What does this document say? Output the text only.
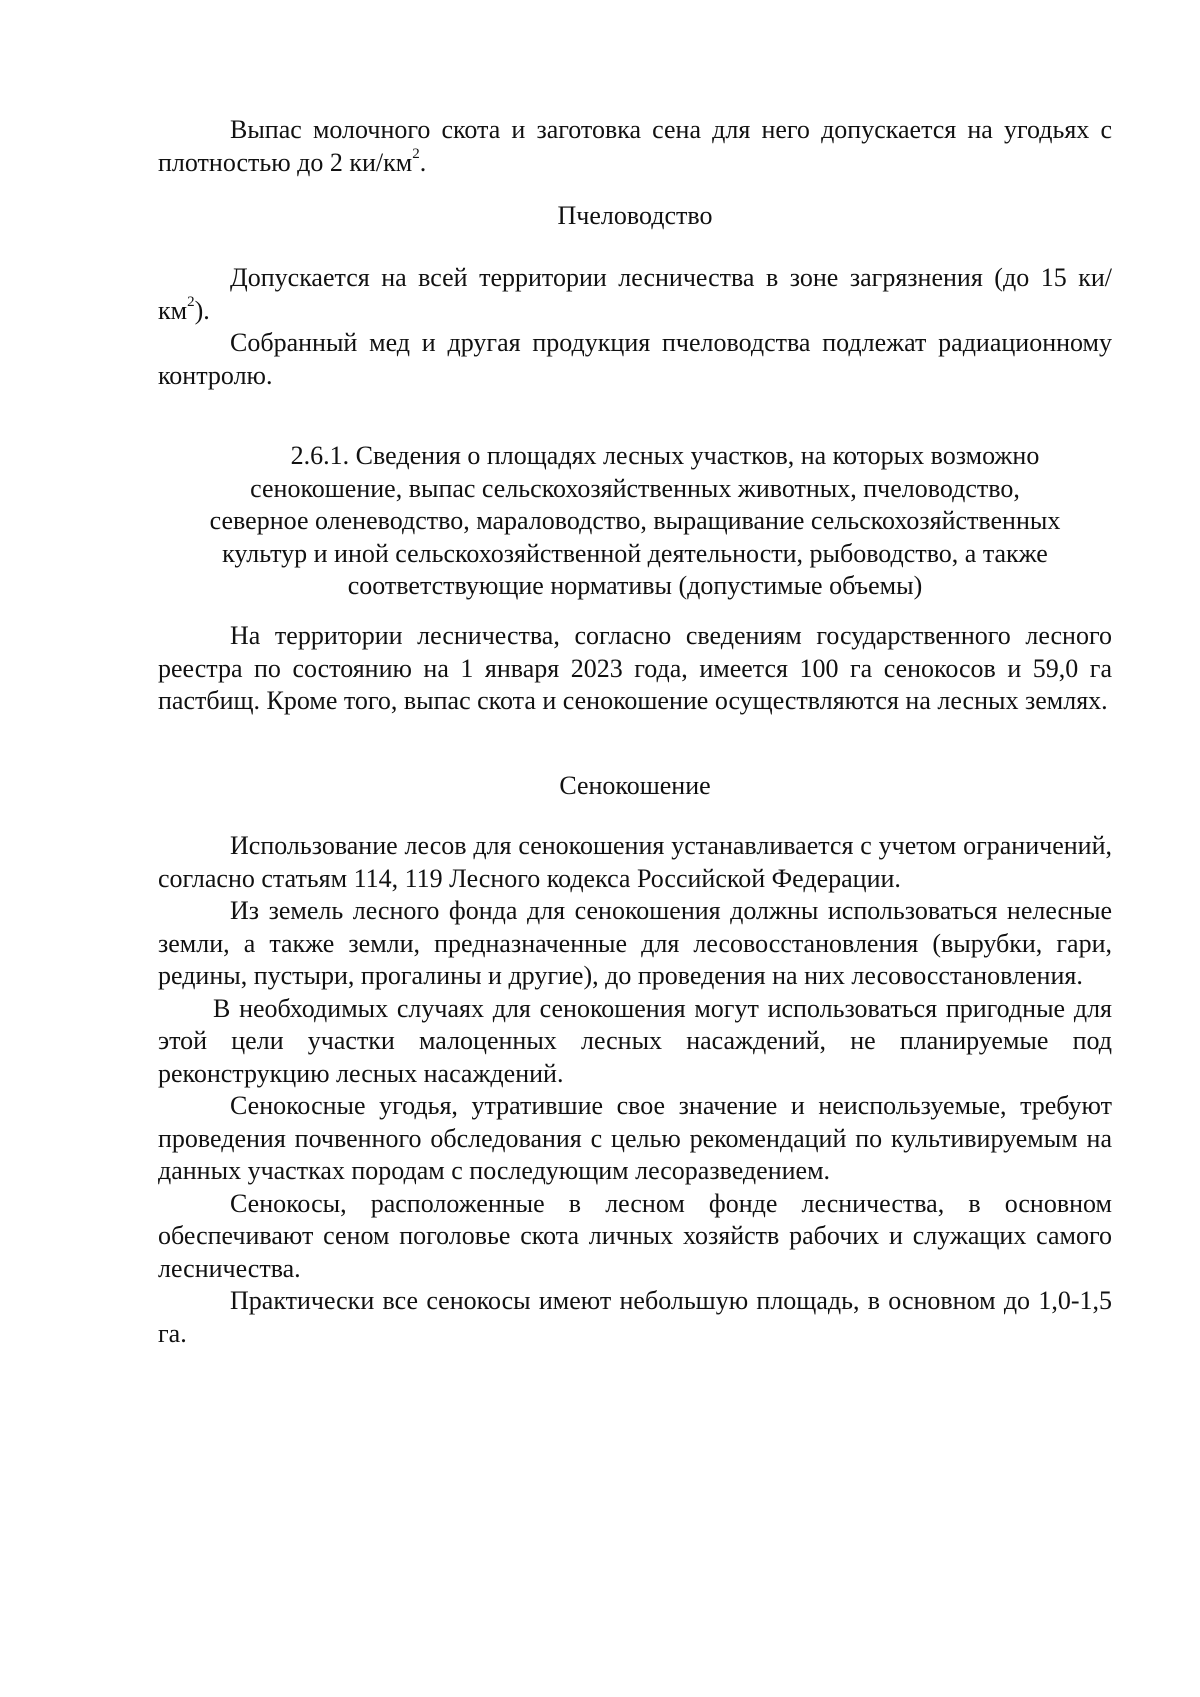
Выпас молочного скота и заготовка сена для него допускается на угодьях с плотностью до 2 $ки/км^2$.

Пчеловодство

Допускается на всей территории лесничества в зоне загрязнения (до 15 $ки/км^2$).

Собранный мед и другая продукция пчеловодства подлежат радиационному контролю.

2.6.1. Сведения о площадях лесных участков, на которых возможно

сенокошение, выпас сельскохозяйственных животных, пчеловодство,

северное оленеводство, мараловодство, выращивание сельскохозяйственных

культур и иной сельскохозяйственной деятельности, рыбоводство, а также

соответствующие нормативы (допустимые объемы)

На территории лесничества, согласно сведениям государственного лесного реестра по состоянию на 1 января 2023 года, имеется 100 га сенокосов и 59,0 га пастбищ. Кроме того, выпас скота и сенокошение осуществляются на лесных землях.

Сенокошение

Использование лесов для сенокошения устанавливается с учетом ограничений, согласно статьям 114, 119 Лесного кодекса Российской Федерации.

Из земель лесного фонда для сенокошения должны использоваться нелесные земли, а также земли, предназначенные для лесовосстановления (вырубки, гари, редины, пустыри, прогалины и другие), до проведения на них лесовосстановления.

В необходимых случаях для сенокошения могут использоваться пригодные для этой цели участки малоценных лесных насаждений, не планируемые под реконструкцию лесных насаждений.

Сенокосные угодья, утратившие свое значение и неиспользуемые, требуют проведения почвенного обследования с целью рекомендаций по культивируемым на данных участках породам с последующим лесоразведением.

Сенокосы, расположенные в лесном фонде лесничества, в основном обеспечивают сеном поголовье скота личных хозяйств рабочих и служащих самого лесничества.

Практически все сенокосы имеют небольшую площадь, в основном до 1,0-1,5 га.
